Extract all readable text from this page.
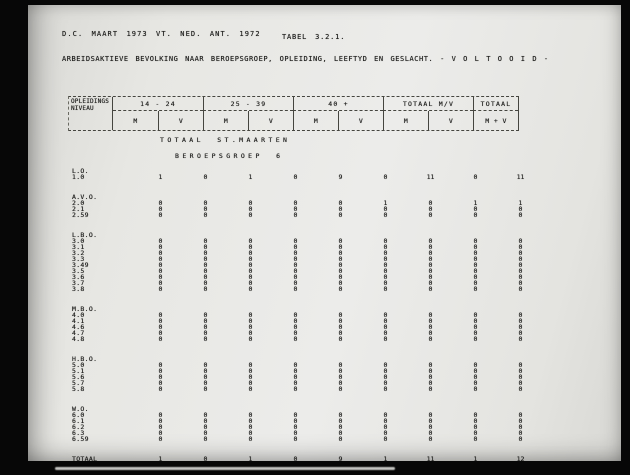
D.C. MAART 1973 VT. NED. ANT. 1972	TABEL 3.2.1.
ARBEIDSAKTIEVE BEVOLKING NAAR BEROEPSGROEP, OPLEIDING, LEEFTYD EN GESLACHT. - V O L T O O I D -
OPLEIDINGS
NIVEAU
14 - 24	25 - 39	40 +	TOTAAL M/V	TOTAAL
M	V	M	V	M	V	M	V	M + V
TOTAAL ST.MAARTEN
BEROEPSGROEP 6
L.O.
1.0	1	0	1	0	9	0	11	0	11
A.V.O.
2.0	0	0	0	0	0	1	0	1	1
2.1	0	0	0	0	0	0	0	0	0
2.59	0	0	0	0	0	0	0	0	0
L.B.O.
3.0	0	0	0	0	0	0	0	0	0
3.1	0	0	0	0	0	0	0	0	0
3.2	0	0	0	0	0	0	0	0	0
3.3	0	0	0	0	0	0	0	0	0
3.49	0	0	0	0	0	0	0	0	0
3.5	0	0	0	0	0	0	0	0	0
3.6	0	0	0	0	0	0	0	0	0
3.7	0	0	0	0	0	0	0	0	0
3.8	0	0	0	0	0	0	0	0	0
M.B.O.
4.0	0	0	0	0	0	0	0	0	0
4.1	0	0	0	0	0	0	0	0	0
4.6	0	0	0	0	0	0	0	0	0
4.7	0	0	0	0	0	0	0	0	0
4.8	0	0	0	0	0	0	0	0	0
H.B.O.
5.0	0	0	0	0	0	0	0	0	0
5.1	0	0	0	0	0	0	0	0	0
5.6	0	0	0	0	0	0	0	0	0
5.7	0	0	0	0	0	0	0	0	0
5.8	0	0	0	0	0	0	0	0	0
W.O.
6.0	0	0	0	0	0	0	0	0	0
6.1	0	0	0	0	0	0	0	0	0
6.2	0	0	0	0	0	0	0	0	0
6.3	0	0	0	0	0	0	0	0	0
6.59	0	0	0	0	0	0	0	0	0
TOTAAL	1	0	1	0	9	1	11	1	12
